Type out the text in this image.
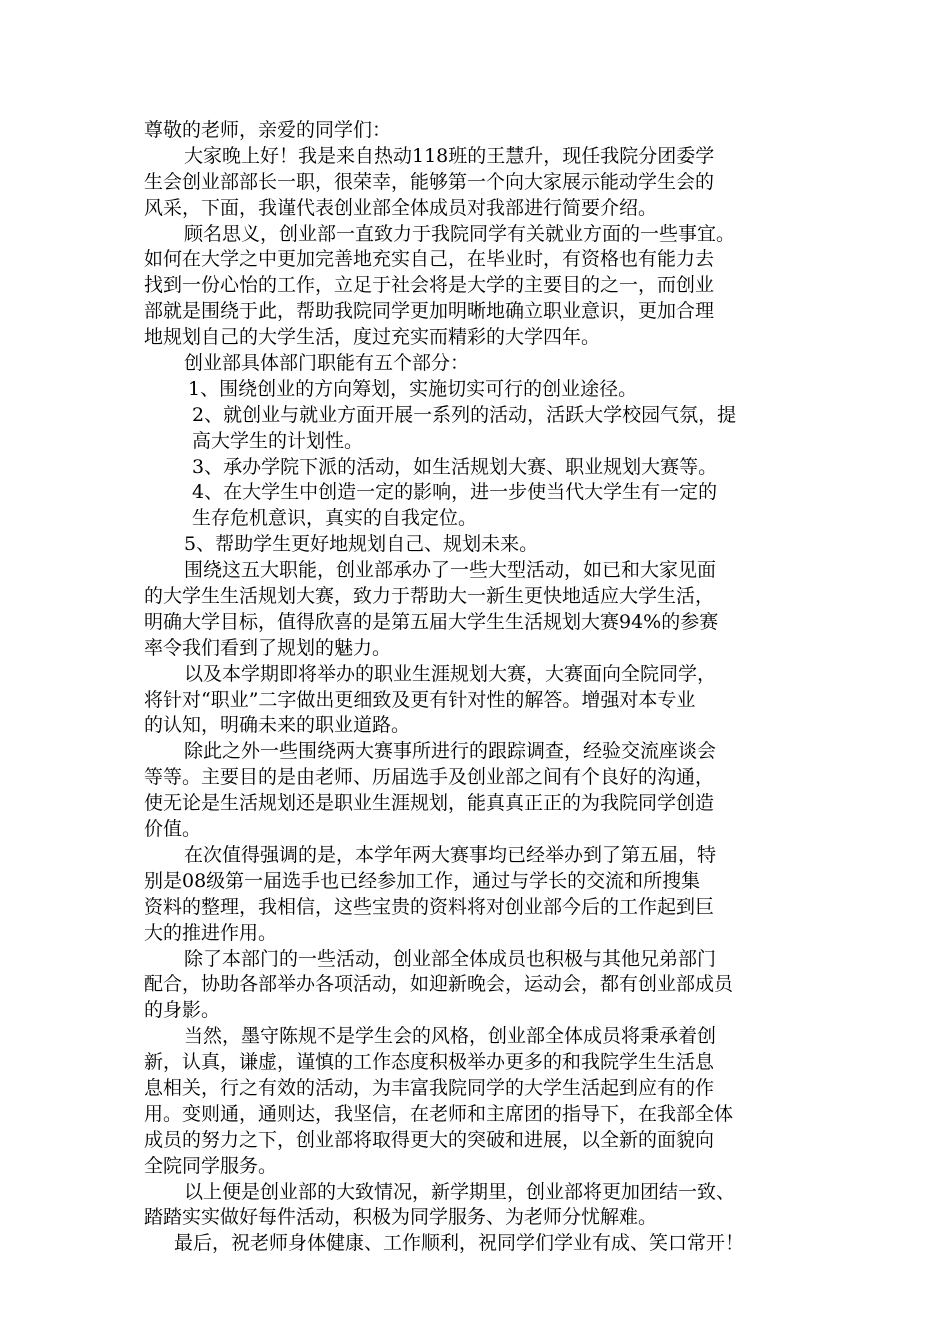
尊敬的老师，亲爱的同学们：
大家晚上好！我是来自热动118班的王慧升，现任我院分团委学
生会创业部部长一职，很荣幸，能够第一个向大家展示能动学生会的
风采，下面，我谨代表创业部全体成员对我部进行简要介绍。
顾名思义，创业部一直致力于我院同学有关就业方面的一些事宜。
如何在大学之中更加完善地充实自己，在毕业时，有资格也有能力去
找到一份心怡的工作，立足于社会将是大学的主要目的之一，而创业
部就是围绕于此，帮助我院同学更加明晰地确立职业意识，更加合理
地规划自己的大学生活，度过充实而精彩的大学四年。
创业部具体部门职能有五个部分：
1、围绕创业的方向筹划，实施切实可行的创业途径。
2、就创业与就业方面开展一系列的活动，活跃大学校园气氛，提
高大学生的计划性。
3、承办学院下派的活动，如生活规划大赛、职业规划大赛等。
4、在大学生中创造一定的影响，进一步使当代大学生有一定的
生存危机意识，真实的自我定位。
5、帮助学生更好地规划自己、规划未来。
围绕这五大职能，创业部承办了一些大型活动，如已和大家见面
的大学生生活规划大赛，致力于帮助大一新生更快地适应大学生活，
明确大学目标，值得欣喜的是第五届大学生生活规划大赛94%的参赛
率令我们看到了规划的魅力。
以及本学期即将举办的职业生涯规划大赛，大赛面向全院同学，
将针对“职业”二字做出更细致及更有针对性的解答。增强对本专业
的认知，明确未来的职业道路。
除此之外一些围绕两大赛事所进行的跟踪调查，经验交流座谈会
等等。主要目的是由老师、历届选手及创业部之间有个良好的沟通，
使无论是生活规划还是职业生涯规划，能真真正正的为我院同学创造
价值。
在次值得强调的是，本学年两大赛事均已经举办到了第五届，特
别是08级第一届选手也已经参加工作，通过与学长的交流和所搜集
资料的整理，我相信，这些宝贵的资料将对创业部今后的工作起到巨
大的推进作用。
除了本部门的一些活动，创业部全体成员也积极与其他兄弟部门
配合，协助各部举办各项活动，如迎新晚会，运动会，都有创业部成员
的身影。
当然，墨守陈规不是学生会的风格，创业部全体成员将秉承着创
新，认真，谦虚，谨慎的工作态度积极举办更多的和我院学生生活息
息相关，行之有效的活动，为丰富我院同学的大学生活起到应有的作
用。变则通，通则达，我坚信，在老师和主席团的指导下，在我部全体
成员的努力之下，创业部将取得更大的突破和进展，以全新的面貌向
全院同学服务。
以上便是创业部的大致情况，新学期里，创业部将更加团结一致、
踏踏实实做好每件活动，积极为同学服务、为老师分忧解难。
最后，祝老师身体健康、工作顺利，祝同学们学业有成、笑口常开！
